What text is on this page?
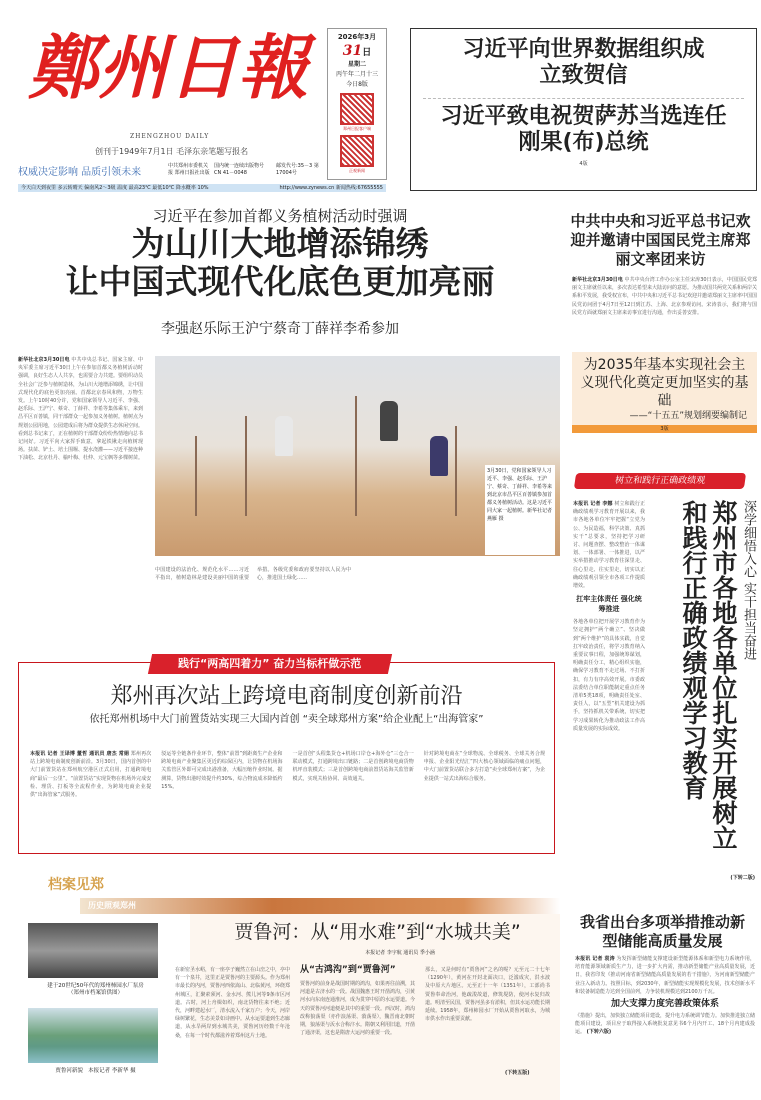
鄭州日報
ZHENGZHOU DAILY
创刊于1949年7月1日 毛泽东亲笔题写报名
2026年3月
31日
星期二
丙午年二月十三
今日8版
郑州日报客户端
正观新闻
习近平向世界数据组织成立致贺信
习近平致电祝贺萨苏当选连任刚果(布)总统
4版
权威决定影响 品质引领未来
中共郑州市委机关报 郑州日报社出版
国内统一连续出版物号 CN 41－0048
邮发代号:35－3 第17004号
今天白天到夜里 多云转晴天 偏南风2～3级 温度 最高23℃ 最低10℃ 降水概率 10%	http://www.zynews.cn 新闻热线:67655555
习近平在参加首都义务植树活动时强调
为山川大地增添锦绣
让中国式现代化底色更加亮丽
李强赵乐际王沪宁蔡奇丁薛祥李希参加
新华社北京3月30日电 中共中央总书记、国家主席、中央军委主席习近平30日上午在参加首都义务植树活动时强调，良好生态人人共享，也需要合力共建。要组织动员全社会广泛参与植树造林，为山川大地增添锦绣，让中国式现代化的底色更加亮丽。首都北京春风和煦，万物生发。上午10时40分许，党和国家领导人习近平、李强、赵乐际、王沪宁、蔡奇、丁薛祥、李希等集体乘车，来到昌平区百善镇，同干部群众一起参加义务植树。植树点为规划公园用地，公园建成后将为群众提供生态休闲空间。看到总书记来了，正在植树的干部群众纷纷热情地向总书记问好。习近平向大家挥手致意，拿起铁锹走向植树现场。扶苗、铲土、培土围堰、提水浇灌——习近平接连种下油松、北京杜丹、榆叶梅、杜仲、元宝枫等多棵树苗。
3月30日，党和国家领导人习近平、李强、赵乐际、王沪宁、蔡奇、丁薛祥、李希等来到北京市昌平区百善镇参加首都义务植树活动。这是习近平同大家一起植树。新华社记者 燕雁 摄
中国建设的法治化、规范化水平……习近平指出，植树造林是建设美丽中国的重要举措。各级党委和政府要坚持以人民为中心，推进国土绿化……
中共中央和习近平总书记欢迎并邀请中国国民党主席郑丽文率团来访
新华社北京3月30日电 中共中央台湾工作办公室主任宋涛30日表示，中国国民党郑丽文主席就任以来，多次表达希望来大陆访问的意愿。为推动国共两党关系和两岸关系和平发展，我受权宣布，中共中央和习近平总书记欢迎并邀请郑丽文主席率中国国民党访问团于4月7日至12日到江苏、上海、北京参观访问。宋涛表示，我们将与国民党方面就郑丽文主席来访事宜进行沟通，作出妥善安排。
为2035年基本实现社会主义现代化奠定更加坚实的基础
——“十五五”规划纲要编制记
3版
树立和践行正确政绩观
本报讯 记者 李娜 树立和践行正确政绩观学习教育开展以来，我市各地各单位牢牢把握“立党为公、为民造福，科学决策、真抓实干”总要求，坚持把学习研讨、问题查摆、整改整治一体谋划、一体部署、一体推进，以严实举措推动学习教育往深里走、往心里走、往实里走，切实以正确政绩观引领全市各项工作提质增效。
扛牢主体责任 强化统筹推进
各地各单位把开展学习教育作为坚定拥护“两个确立”、坚决做到“两个维护”的具体实践，自觉扛牢政治责任，将学习教育纳入重要议事日程，加强统筹谋划，明确责任分工，精心组织实施，确保学习教育不走过场、不打折扣，有力有序高效开展。市委政法委结合单位职能制定重点任务清单5类18项，明确责任处室、责任人，以“五型”机关建设为抓手，坚持抓机关带系统，切实把学习成果转化为推动政法工作高质量发展的实际成效。	郑州市各地各单位扎实开展树立和践行正确政绩观学习教育	深学细悟入心 实干担当奋进
(下转二版)
我省出台多项举措推动新型储能高质量发展
本报讯 记者 袁涛 为发挥新型储能支撑建设新型能源体系和新型电力系统作用，培育能源领域新质生产力，进一步扩大内需，推动新型储能产业高质量发展，近日，我省印发《推动河南省新型储能高质量发展的若干措施》，为河南新型储能产业注入新动力。按照目标，到2030年，新型储能实现规模化发展，技术创新水平和装备制造能力达到全国前列，力争装机规模达到2100万千瓦。
加大支撑力度完善政策体系
《措施》提出，加快独立储能项目建设，提升电力系统调节能力。加快推进独立储能项目建设，项目应于取得接入系统批复意见书6个月内开工、18个月内建成投运。 (下转六版)
践行“两高四着力” 奋力当标杆做示范
郑州再次站上跨境电商制度创新前沿
依托郑州机场中大门前置货站实现三大国内首创 “卖全球郑州方案”给企业配上“出海管家”
本报讯 记者 王译博 董哲 通讯员 唐杰 常娟 郑州再次站上跨境电商制度创新前沿。3月30日，国内首创的中大门前置货站在郑州航空港区正式启用，打通跨境电商“最后一公里”。“前置货站”实现货物在机场外完成安检、理货、打板等全流程作业，为跨境电商企业提供“出海管家”式服务。
驳运等全链条作业环节，整体“前置”到距离生产企业和跨境电商产业聚集区更近的综保区内，让货物在机场海关监管区外即可完成出港准备，大幅压缩作业时间。据测算，货物出港时效提升约30%，综合物流成本降低约15%。
一是首创“头程集货仓+机场口岸仓+海外仓”三仓合一联动模式，打通跨境出口链路；二是首创跨境电商货物机坪直装模式；三是首创跨境电商前置货站海关监管新模式，实现关检协同、高效通关。
针对跨境电商在“全球物流、全球税务、全球关务合规申报、企业阳光结汇”四大核心领域面临的痛点问题，中大门前置货站联合多方打造“卖全球郑州方案”，为企业提供一站式出海综合服务。
档案见郑
历史照观郑州
建于20世纪50年代的郑州柿园水厂泵房
（郑州市档案馆供图）
贾鲁河新貌 本报记者 李新华 摄
贾鲁河：从“用水难”到“水城共美”
本报记者 李宇航 通讯员 季小涵
在新密圣水峪，有一座亭子巍然立在山峦之中，亭中有一个泉井，这里正是贾鲁河的主要源头。作为郑州市最长的内河，贾鲁河西依嵩山、北临黄河，环绕郑州城区，汇聚索须河、金水河、熊儿河等9条市区河道。古时，河上舟楫如织，南北货物往来不绝；近代，河畔建起水厂，清水流入千家万户；今天，河岸绿树繁花，生态美景如诗画中。从水运要道到生态廊道，从水旱两岸到水城共美，贾鲁河历经数千年沧桑，在每一个时代都滋养着郑州这片土地。
从“古鸿沟”到“贾鲁河”
贾鲁河的前身是战国时期的鸿沟，如果再往前溯，其河道是古济水的一段。战国魏惠王时开凿鸿沟，引黄河水向东南连通淮河，成为贯穿中原的水运要道。今天的贾鲁河河道便是其中的重要一段。西汉时，鸿沟改称狼荡渠（亦作浪荡渠、蒗荡渠），魏晋南北朝时期，狼荡渠与汳水合称汴水。隋朝又利用旧道，开凿了通济渠，这也是隋唐大运河的重要一段。
那么，又是何时有“贾鲁河”之名的呢？元至元二十七年（1290年），黄河在开封北面决口，泛滥成灾，洪水波及中原大片地区。元至正十一年（1351年），工部尚书贾鲁奉命治河，他疏浚故道，修筑堤防，使河水复归故道。明清至民国，贾鲁河虽多有淤积，但其水运功能长期延续。1958年，郑州柿园水厂开始从贾鲁河取水，为城市供水作出重要贡献。
(下转五版)
